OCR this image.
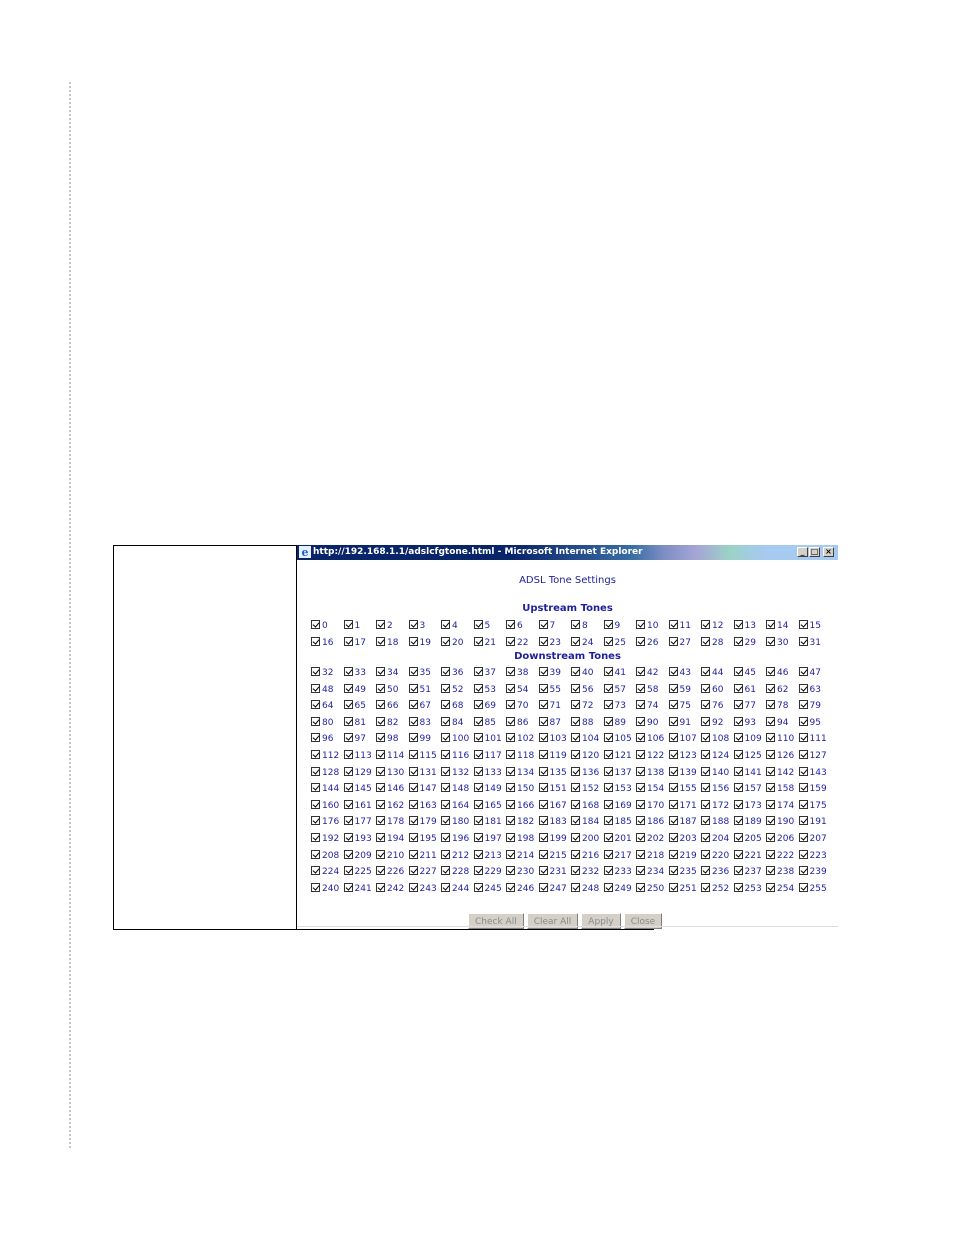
e http://192.168.1.1/adslcfgtone.html - Microsoft Internet Explorer	_ □ ×
ADSL Tone Settings
Upstream Tones
Downstream Tones
0	1	2	3	4	5	6	7	8	9	10	11	12	13	14	15
16	17	18	19	20	21	22	23	24	25	26	27	28	29	30	31
32	33	34	35	36	37	38	39	40	41	42	43	44	45	46	47
48	49	50	51	52	53	54	55	56	57	58	59	60	61	62	63
64	65	66	67	68	69	70	71	72	73	74	75	76	77	78	79
80	81	82	83	84	85	86	87	88	89	90	91	92	93	94	95
96	97	98	99	100	101	102	103	104	105	106	107	108	109	110	111
112	113	114	115	116	117	118	119	120	121	122	123	124	125	126	127
128	129	130	131	132	133	134	135	136	137	138	139	140	141	142	143
144	145	146	147	148	149	150	151	152	153	154	155	156	157	158	159
160	161	162	163	164	165	166	167	168	169	170	171	172	173	174	175
176	177	178	179	180	181	182	183	184	185	186	187	188	189	190	191
192	193	194	195	196	197	198	199	200	201	202	203	204	205	206	207
208	209	210	211	212	213	214	215	216	217	218	219	220	221	222	223
224	225	226	227	228	229	230	231	232	233	234	235	236	237	238	239
240	241	242	243	244	245	246	247	248	249	250	251	252	253	254	255
Check All Clear All Apply Close
